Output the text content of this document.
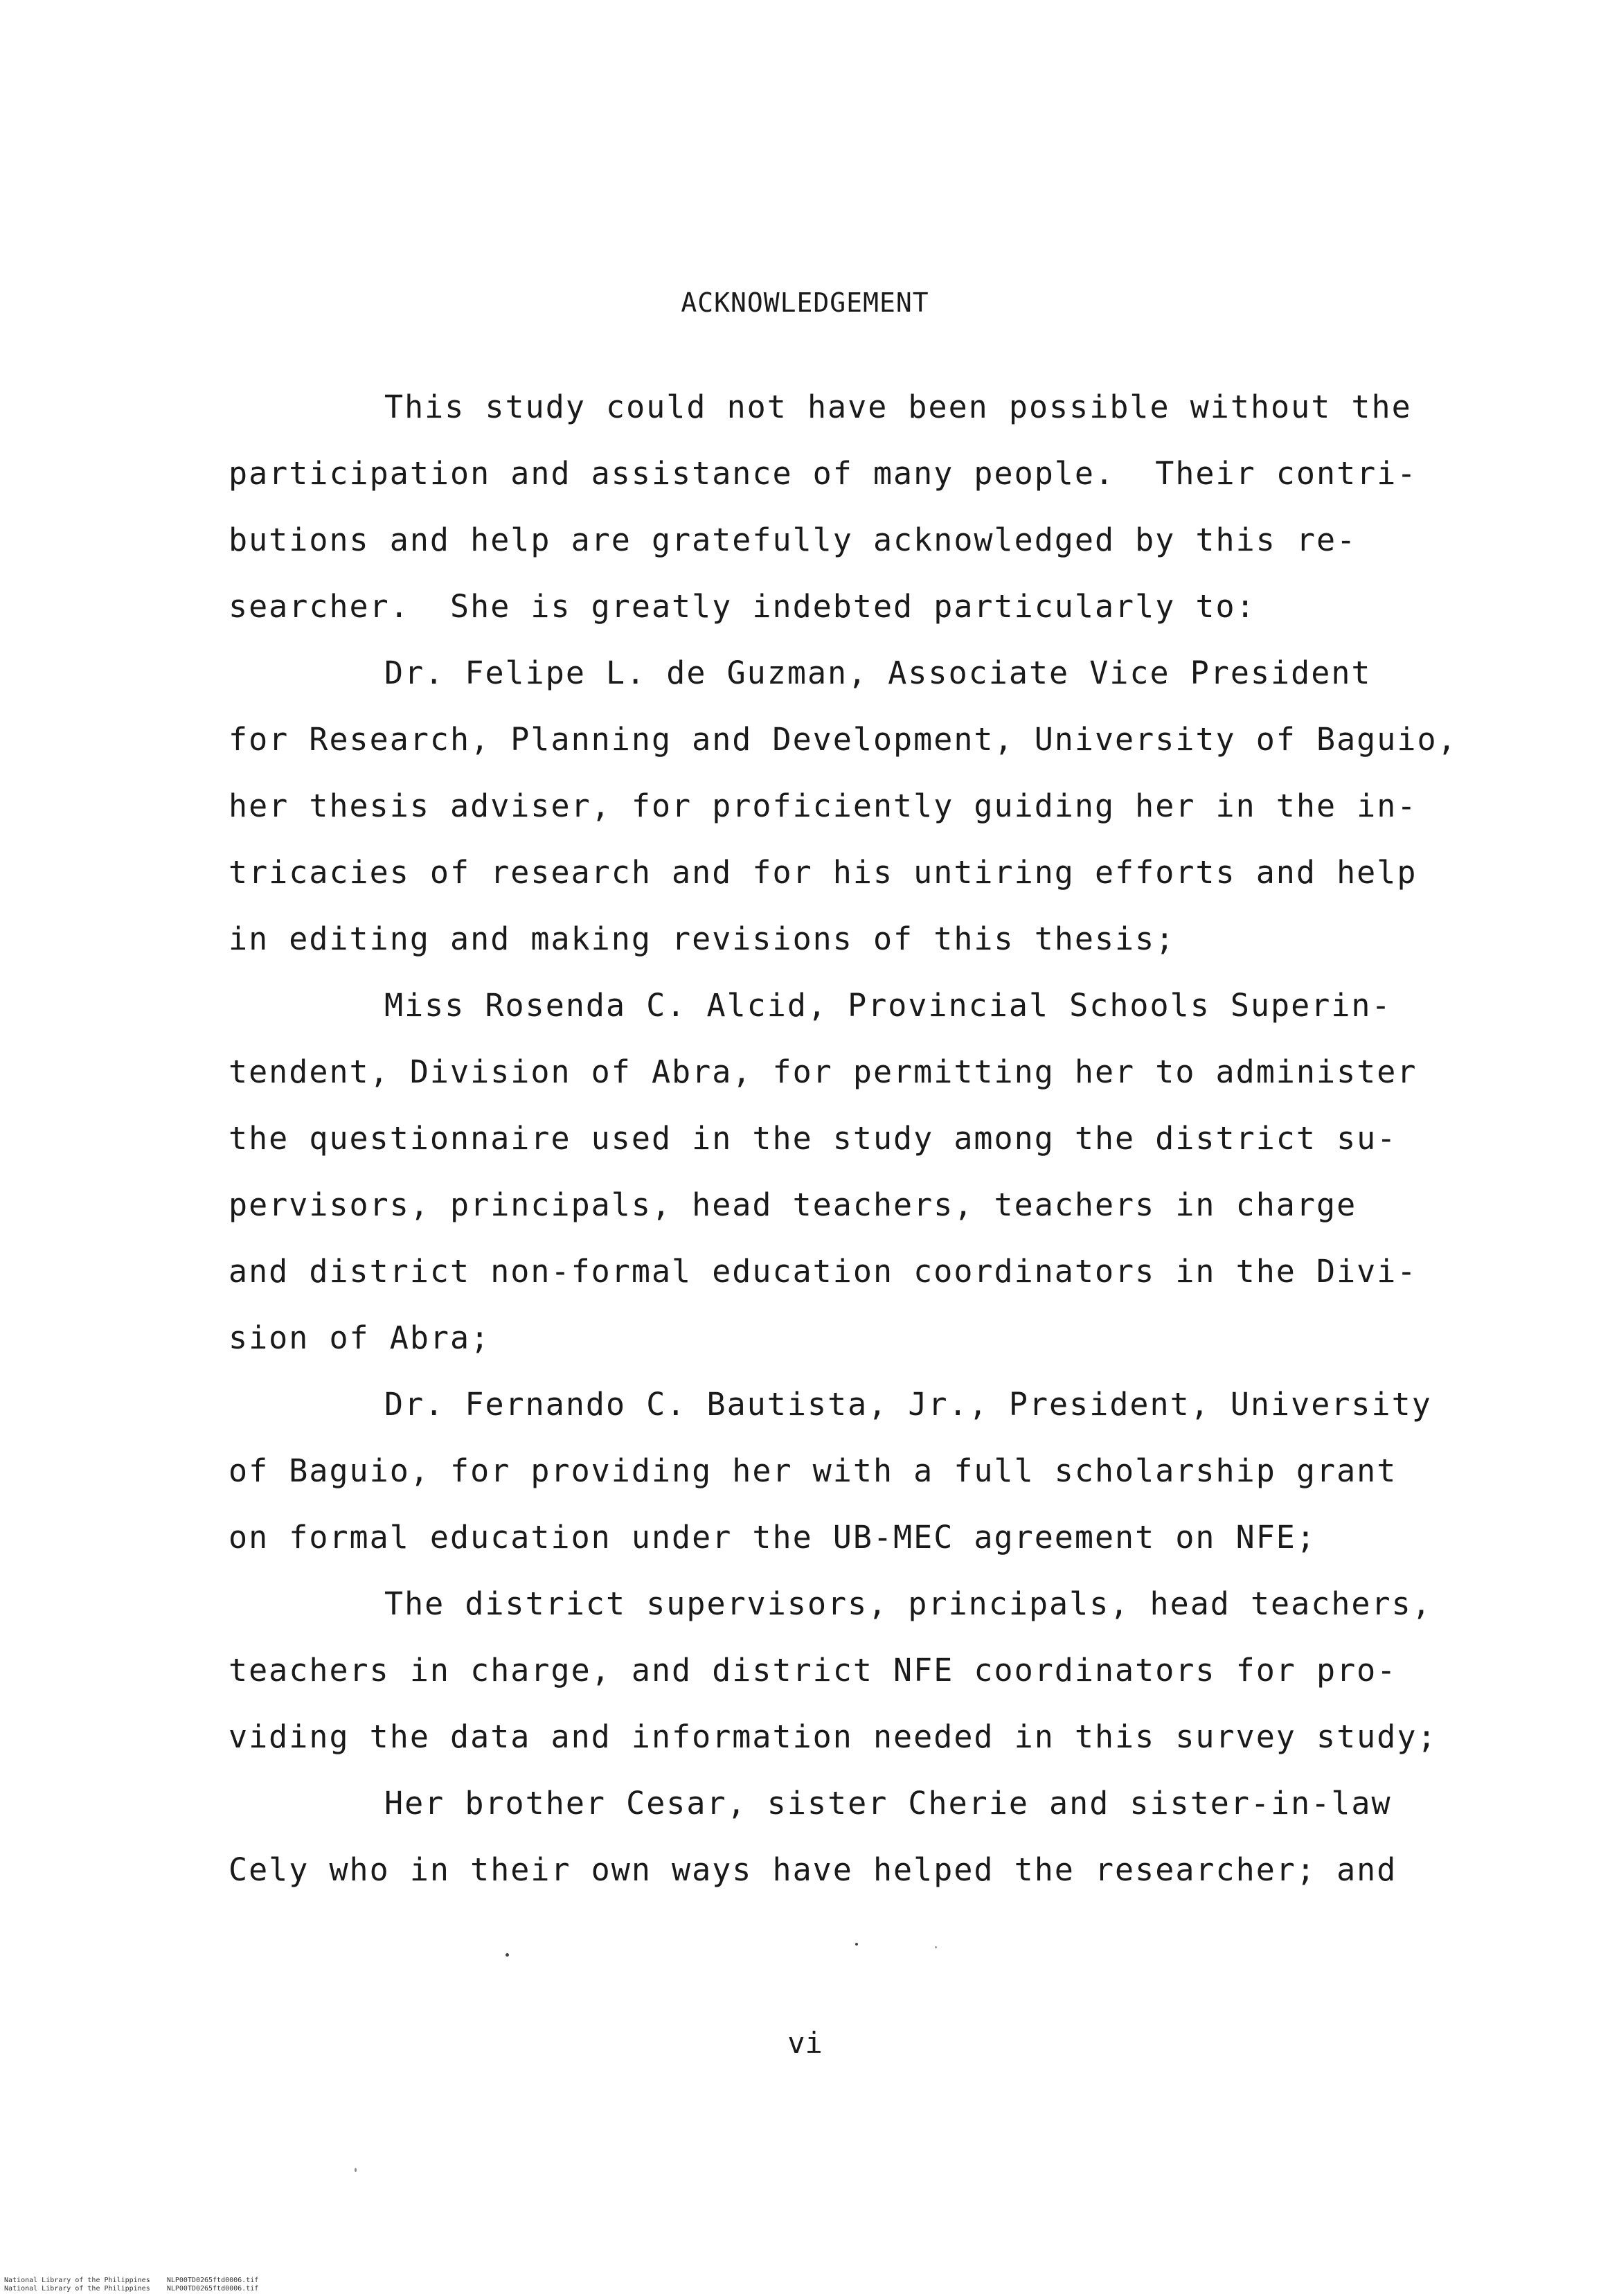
ACKNOWLEDGEMENT
This study could not have been possible without the
participation and assistance of many people.  Their contri-
butions and help are gratefully acknowledged by this re-
searcher.  She is greatly indebted particularly to:
Dr. Felipe L. de Guzman, Associate Vice President
for Research, Planning and Development, University of Baguio,
her thesis adviser, for proficiently guiding her in the in-
tricacies of research and for his untiring efforts and help
in editing and making revisions of this thesis;
Miss Rosenda C. Alcid, Provincial Schools Superin-
tendent, Division of Abra, for permitting her to administer
the questionnaire used in the study among the district su-
pervisors, principals, head teachers, teachers in charge
and district non-formal education coordinators in the Divi-
sion of Abra;
Dr. Fernando C. Bautista, Jr., President, University
of Baguio, for providing her with a full scholarship grant
on formal education under the UB-MEC agreement on NFE;
The district supervisors, principals, head teachers,
teachers in charge, and district NFE coordinators for pro-
viding the data and information needed in this survey study;
Her brother Cesar, sister Cherie and sister-in-law
Cely who in their own ways have helped the researcher; and
vi
National Library of the Philippines NLP00TD0265ftd0006.tif
National Library of the Philippines NLP00TD0265ftd0006.tif
